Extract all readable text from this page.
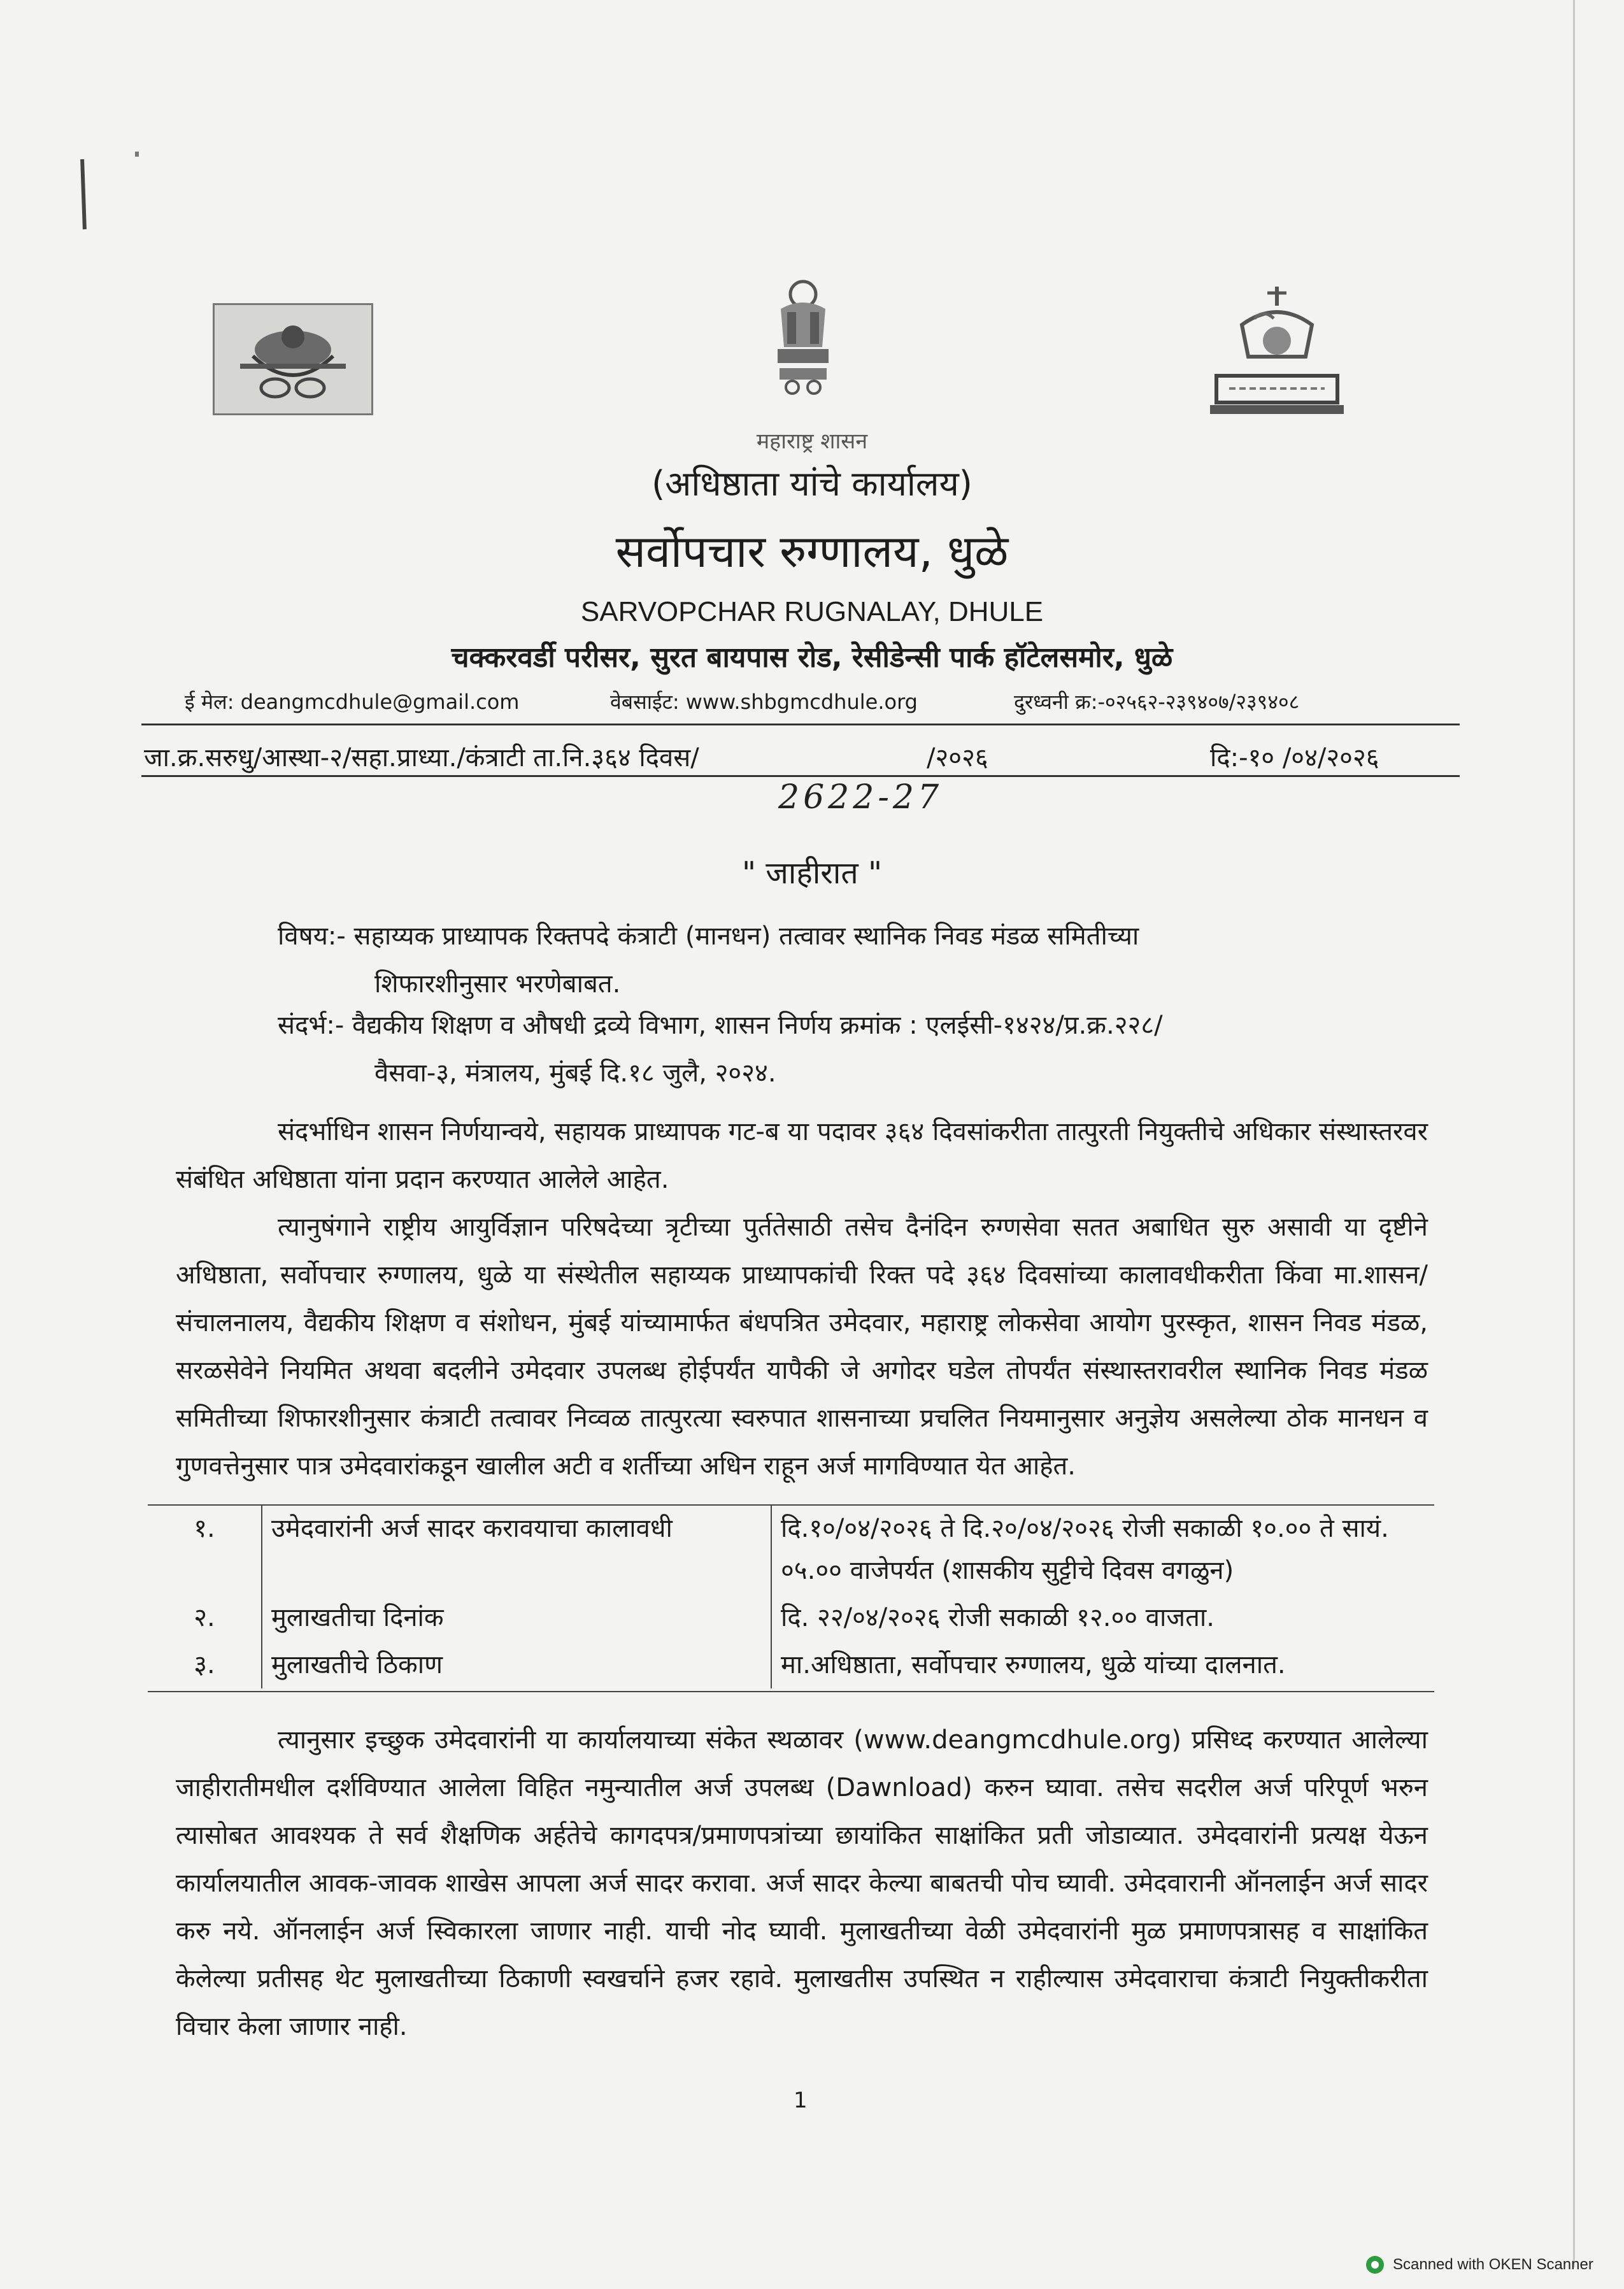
महाराष्ट्र शासन
(अधिष्ठाता यांचे कार्यालय)
सर्वोपचार रुग्णालय, धुळे
SARVOPCHAR RUGNALAY, DHULE
चक्करवर्डी परीसर, सुरत बायपास रोड, रेसीडेन्सी पार्क हॉटेलसमोर, धुळे
ई मेल: deangmcdhule@gmail.com	वेबसाईट: www.shbgmcdhule.org	दुरध्वनी क्र:-०२५६२-२३९४०७/२३९४०८
जा.क्र.सरुधु/आस्था-२/सहा.प्राध्या./कंत्राटी ता.नि.३६४ दिवस/	/२०२६	दि:-१० /०४/२०२६
2622-27
" जाहीरात "
विषय:- सहाय्यक प्राध्यापक रिक्तपदे कंत्राटी (मानधन) तत्वावर स्थानिक निवड मंडळ समितीच्या
शिफारशीनुसार भरणेबाबत.
संदर्भ:- वैद्यकीय शिक्षण व औषधी द्रव्ये विभाग, शासन निर्णय क्रमांक : एलईसी-१४२४/प्र.क्र.२२८/
वैसवा-३, मंत्रालय, मुंबई दि.१८ जुलै, २०२४.
संदर्भाधिन शासन निर्णयान्वये, सहायक प्राध्यापक गट-ब या पदावर ३६४ दिवसांकरीता तात्पुरती नियुक्तीचे अधिकार संस्थास्तरवर संबंधित अधिष्ठाता यांना प्रदान करण्यात आलेले आहेत.
त्यानुषंगाने राष्ट्रीय आयुर्विज्ञान परिषदेच्या त्रृटीच्या पुर्ततेसाठी तसेच दैनंदिन रुग्णसेवा सतत अबाधित सुरु असावी या दृष्टीने अधिष्ठाता, सर्वोपचार रुग्णालय, धुळे या संस्थेतील सहाय्यक प्राध्यापकांची रिक्त पदे ३६४ दिवसांच्या कालावधीकरीता किंवा मा.शासन/संचालनालय, वैद्यकीय शिक्षण व संशोधन, मुंबई यांच्यामार्फत बंधपत्रित उमेदवार, महाराष्ट्र लोकसेवा आयोग पुरस्कृत, शासन निवड मंडळ, सरळसेवेने नियमित अथवा बदलीने उमेदवार उपलब्ध होईपर्यंत यापैकी जे अगोदर घडेल तोपर्यंत संस्थास्तरावरील स्थानिक निवड मंडळ समितीच्या शिफारशीनुसार कंत्राटी तत्वावर निव्वळ तात्पुरत्या स्वरुपात शासनाच्या प्रचलित नियमानुसार अनुज्ञेय असलेल्या ठोक मानधन व गुणवत्तेनुसार पात्र उमेदवारांकडून खालील अटी व शर्तीच्या अधिन राहून अर्ज मागविण्यात येत आहेत.
१.	उमेदवारांनी अर्ज सादर करावयाचा कालावधी	दि.१०/०४/२०२६ ते दि.२०/०४/२०२६ रोजी सकाळी १०.०० ते सायं. ०५.०० वाजेपर्यत (शासकीय सुट्टीचे दिवस वगळुन)
२.	मुलाखतीचा दिनांक	दि. २२/०४/२०२६ रोजी सकाळी १२.०० वाजता.
३.	मुलाखतीचे ठिकाण	मा.अधिष्ठाता, सर्वोपचार रुग्णालय, धुळे यांच्या दालनात.
त्यानुसार इच्छुक उमेदवारांनी या कार्यालयाच्या संकेत स्थळावर (www.deangmcdhule.org) प्रसिध्द करण्यात आलेल्या जाहीरातीमधील दर्शविण्यात आलेला विहित नमुन्यातील अर्ज उपलब्ध (Dawnload) करुन घ्यावा. तसेच सदरील अर्ज परिपूर्ण भरुन त्यासोबत आवश्यक ते सर्व शैक्षणिक अर्हतेचे कागदपत्र/प्रमाणपत्रांच्या छायांकित साक्षांकित प्रती जोडाव्यात. उमेदवारांनी प्रत्यक्ष येऊन कार्यालयातील आवक-जावक शाखेस आपला अर्ज सादर करावा. अर्ज सादर केल्या बाबतची पोच घ्यावी. उमेदवारानी ऑनलाईन अर्ज सादर करु नये. ऑनलाईन अर्ज स्विकारला जाणार नाही. याची नोद घ्यावी. मुलाखतीच्या वेळी उमेदवारांनी मुळ प्रमाणपत्रासह व साक्षांकित केलेल्या प्रतीसह थेट मुलाखतीच्या ठिकाणी स्वखर्चाने हजर रहावे. मुलाखतीस उपस्थित न राहील्यास उमेदवाराचा कंत्राटी नियुक्तीकरीता विचार केला जाणार नाही.
1
Scanned with OKEN Scanner
